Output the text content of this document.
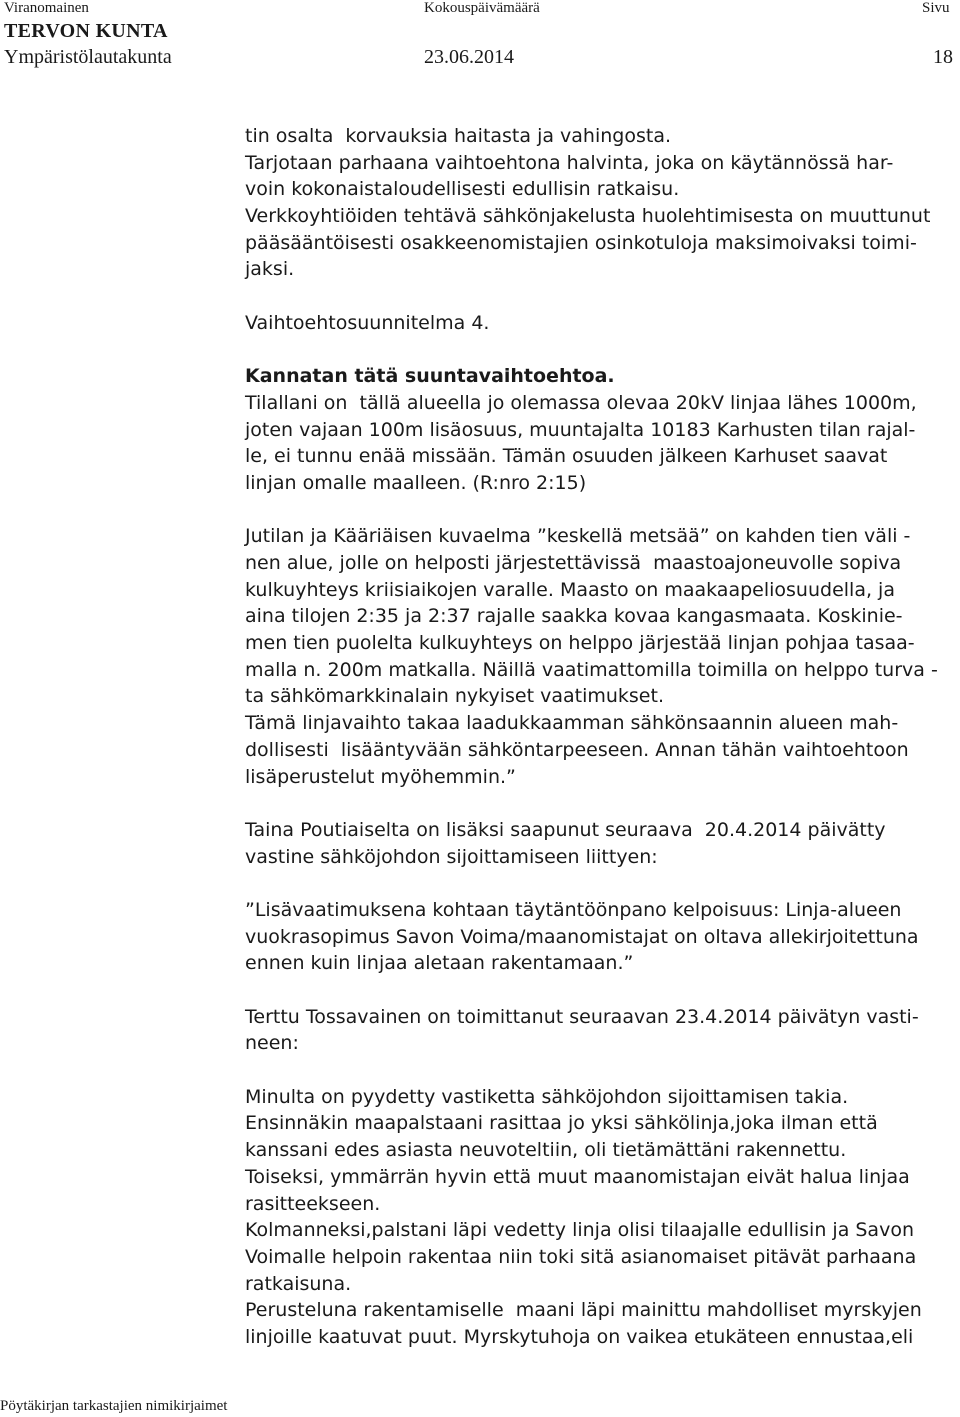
Viranomainen	Kokouspäivämäärä	Sivu
TERVON KUNTA
Ympäristölautakunta	23.06.2014	18
tin osalta  korvauksia haitasta ja vahingosta.
Tarjotaan parhaana vaihtoehtona halvinta, joka on käytännössä har-
voin kokonaistaloudellisesti edullisin ratkaisu.
Verkkoyhtiöiden tehtävä sähkönjakelusta huolehtimisesta on muuttunut
pääsääntöisesti osakkeenomistajien osinkotuloja maksimoivaksi toimi-
jaksi.
Vaihtoehtosuunnitelma 4.
Kannatan tätä suuntavaihtoehtoa.
Tilallani on  tällä alueella jo olemassa olevaa 20kV linjaa lähes 1000m,
joten vajaan 100m lisäosuus, muuntajalta 10183 Karhusten tilan rajal-
le, ei tunnu enää missään. Tämän osuuden jälkeen Karhuset saavat
linjan omalle maalleen. (R:nro 2:15)
Jutilan ja Kääriäisen kuvaelma ”keskellä metsää” on kahden tien väli -
nen alue, jolle on helposti järjestettävissä  maastoajoneuvolle sopiva
kulkuyhteys kriisiaikojen varalle. Maasto on maakaapeliosuudella, ja
aina tilojen 2:35 ja 2:37 rajalle saakka kovaa kangasmaata. Koskinie-
men tien puolelta kulkuyhteys on helppo järjestää linjan pohjaa tasaa-
malla n. 200m matkalla. Näillä vaatimattomilla toimilla on helppo turva -
ta sähkömarkkinalain nykyiset vaatimukset.
Tämä linjavaihto takaa laadukkaamman sähkönsaannin alueen mah-
dollisesti  lisääntyvään sähköntarpeeseen. Annan tähän vaihtoehtoon
lisäperustelut myöhemmin.”
Taina Poutiaiselta on lisäksi saapunut seuraava  20.4.2014 päivätty
vastine sähköjohdon sijoittamiseen liittyen:
”Lisävaatimuksena kohtaan täytäntöönpano kelpoisuus: Linja-alueen
vuokrasopimus Savon Voima/maanomistajat on oltava allekirjoitettuna
ennen kuin linjaa aletaan rakentamaan.”
Terttu Tossavainen on toimittanut seuraavan 23.4.2014 päivätyn vasti-
neen:
Minulta on pyydetty vastiketta sähköjohdon sijoittamisen takia.
Ensinnäkin maapalstaani rasittaa jo yksi sähkölinja,joka ilman että
kanssani edes asiasta neuvoteltiin, oli tietämättäni rakennettu.
Toiseksi, ymmärrän hyvin että muut maanomistajan eivät halua linjaa
rasitteekseen.
Kolmanneksi,palstani läpi vedetty linja olisi tilaajalle edullisin ja Savon
Voimalle helpoin rakentaa niin toki sitä asianomaiset pitävät parhaana
ratkaisuna.
Perusteluna rakentamiselle  maani läpi mainittu mahdolliset myrskyjen
linjoille kaatuvat puut. Myrskytuhoja on vaikea etukäteen ennustaa,eli
Pöytäkirjan tarkastajien nimikirjaimet
